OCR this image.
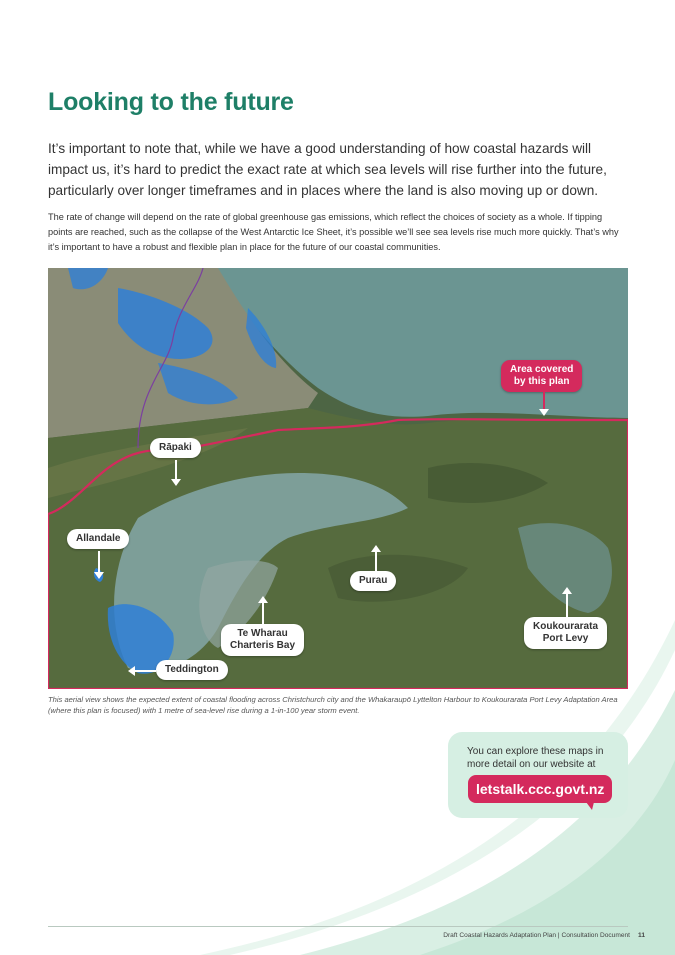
Looking to the future

It’s important to note that, while we have a good understanding of how coastal hazards will impact us, it’s hard to predict the exact rate at which sea levels will rise further into the future, particularly over longer timeframes and in places where the land is also moving up or down.

The rate of change will depend on the rate of global greenhouse gas emissions, which reflect the choices of society as a whole. If tipping points are reached, such as the collapse of the West Antarctic Ice Sheet, it’s possible we’ll see sea levels rise much more quickly. That’s why it’s important to have a robust and flexible plan in place for the future of our coastal communities.

Area covered
by this plan
Rāpaki
Allandale
Purau
Te Wharau
Charteris Bay
Koukourarata
Port Levy
Teddington

This aerial view shows the expected extent of coastal flooding across Christchurch city and the Whakaraupō Lyttelton Harbour to Koukourarata Port Levy Adaptation Area (where this plan is focused) with 1 metre of sea-level rise during a 1-in-100 year storm event.

You can explore these maps in more detail on our website at
letstalk.ccc.govt.nz
Draft Coastal Hazards Adaptation Plan | Consultation Document 11
